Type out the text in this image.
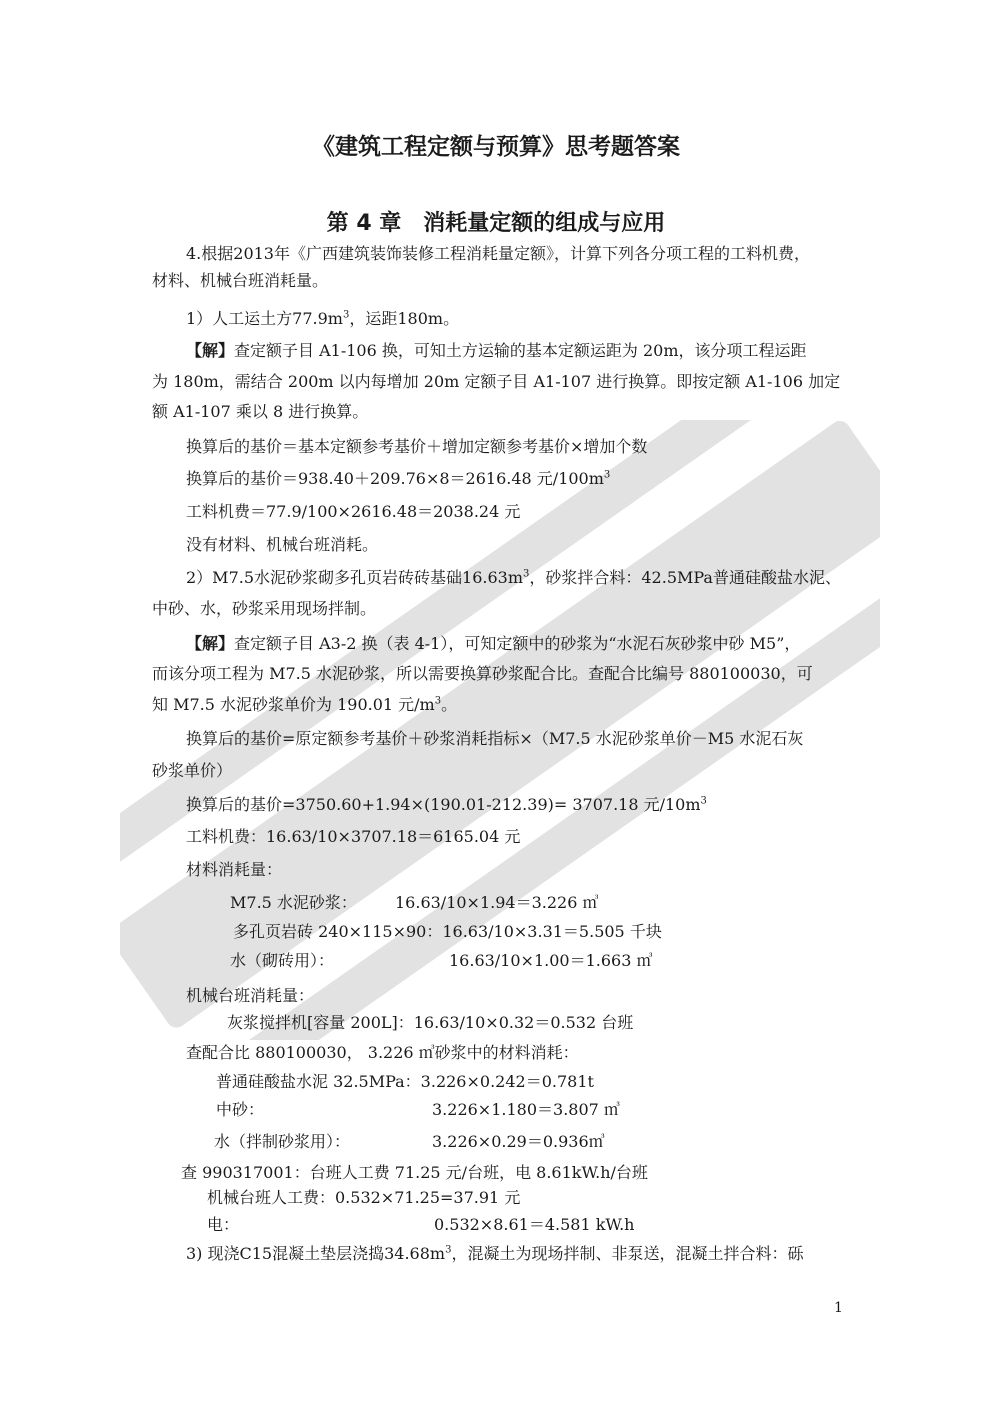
《建筑工程定额与预算》思考题答案
第 4 章　消耗量定额的组成与应用
4.根据2013年《广西建筑装饰装修工程消耗量定额》，计算下列各分项工程的工料机费，
材料、机械台班消耗量。
1）人工运土方$77.9m^3$，运距180m。
【解】查定额子目 A1-106 换，可知土方运输的基本定额运距为 20m，该分项工程运距
为 180m，需结合 200m 以内每增加 20m 定额子目 A1-107 进行换算。即按定额 A1-106 加定
额 A1-107 乘以 8 进行换算。
换算后的基价＝基本定额参考基价＋增加定额参考基价×增加个数
换算后的基价＝938.40＋209.76×8＝2616.48 元$/100m^3$
工料机费＝77.9/100×2616.48＝2038.24 元
没有材料、机械台班消耗。
2）M7.5水泥砂浆砌多孔页岩砖砖基础$16.63m^3$，砂浆拌合料：42.5MPa普通硅酸盐水泥、
中砂、水，砂浆采用现场拌制。
【解】查定额子目 A3-2 换（表 4-1），可知定额中的砂浆为“水泥石灰砂浆中砂 M5”，
而该分项工程为 M7.5 水泥砂浆，所以需要换算砂浆配合比。查配合比编号 880100030，可
知 M7.5 水泥砂浆单价为 190.01 元$/m^3$。
换算后的基价=原定额参考基价＋砂浆消耗指标×（M7.5 水泥砂浆单价－M5 水泥石灰
砂浆单价）
换算后的基价=3750.60+1.94×(190.01-212.39)= 3707.18 元$/10m^3$
工料机费：16.63/10×3707.18＝6165.04 元
材料消耗量：
M7.5 水泥砂浆： 16.63/10×1.94＝3.226 ㎥
多孔页岩砖 240×115×90：16.63/10×3.31＝5.505 千块
水（砌砖用）：	16.63/10×1.00＝1.663 ㎥
机械台班消耗量：
灰浆搅拌机[容量 200L]：16.63/10×0.32＝0.532 台班
查配合比 880100030， 3.226 ㎥砂浆中的材料消耗：
普通硅酸盐水泥 32.5MPa：3.226×0.242＝0.781t
中砂：	3.226×1.180＝3.807 ㎥
水（拌制砂浆用）：	3.226×0.29＝0.936㎥
查 990317001：台班人工费 71.25 元/台班，电 8.61kW.h/台班
机械台班人工费：0.532×71.25=37.91 元
电：	0.532×8.61＝4.581 kW.h
3) 现浇C15混凝土垫层浇捣$34.68m^3$，混凝土为现场拌制、非泵送，混凝土拌合料：砾
1
